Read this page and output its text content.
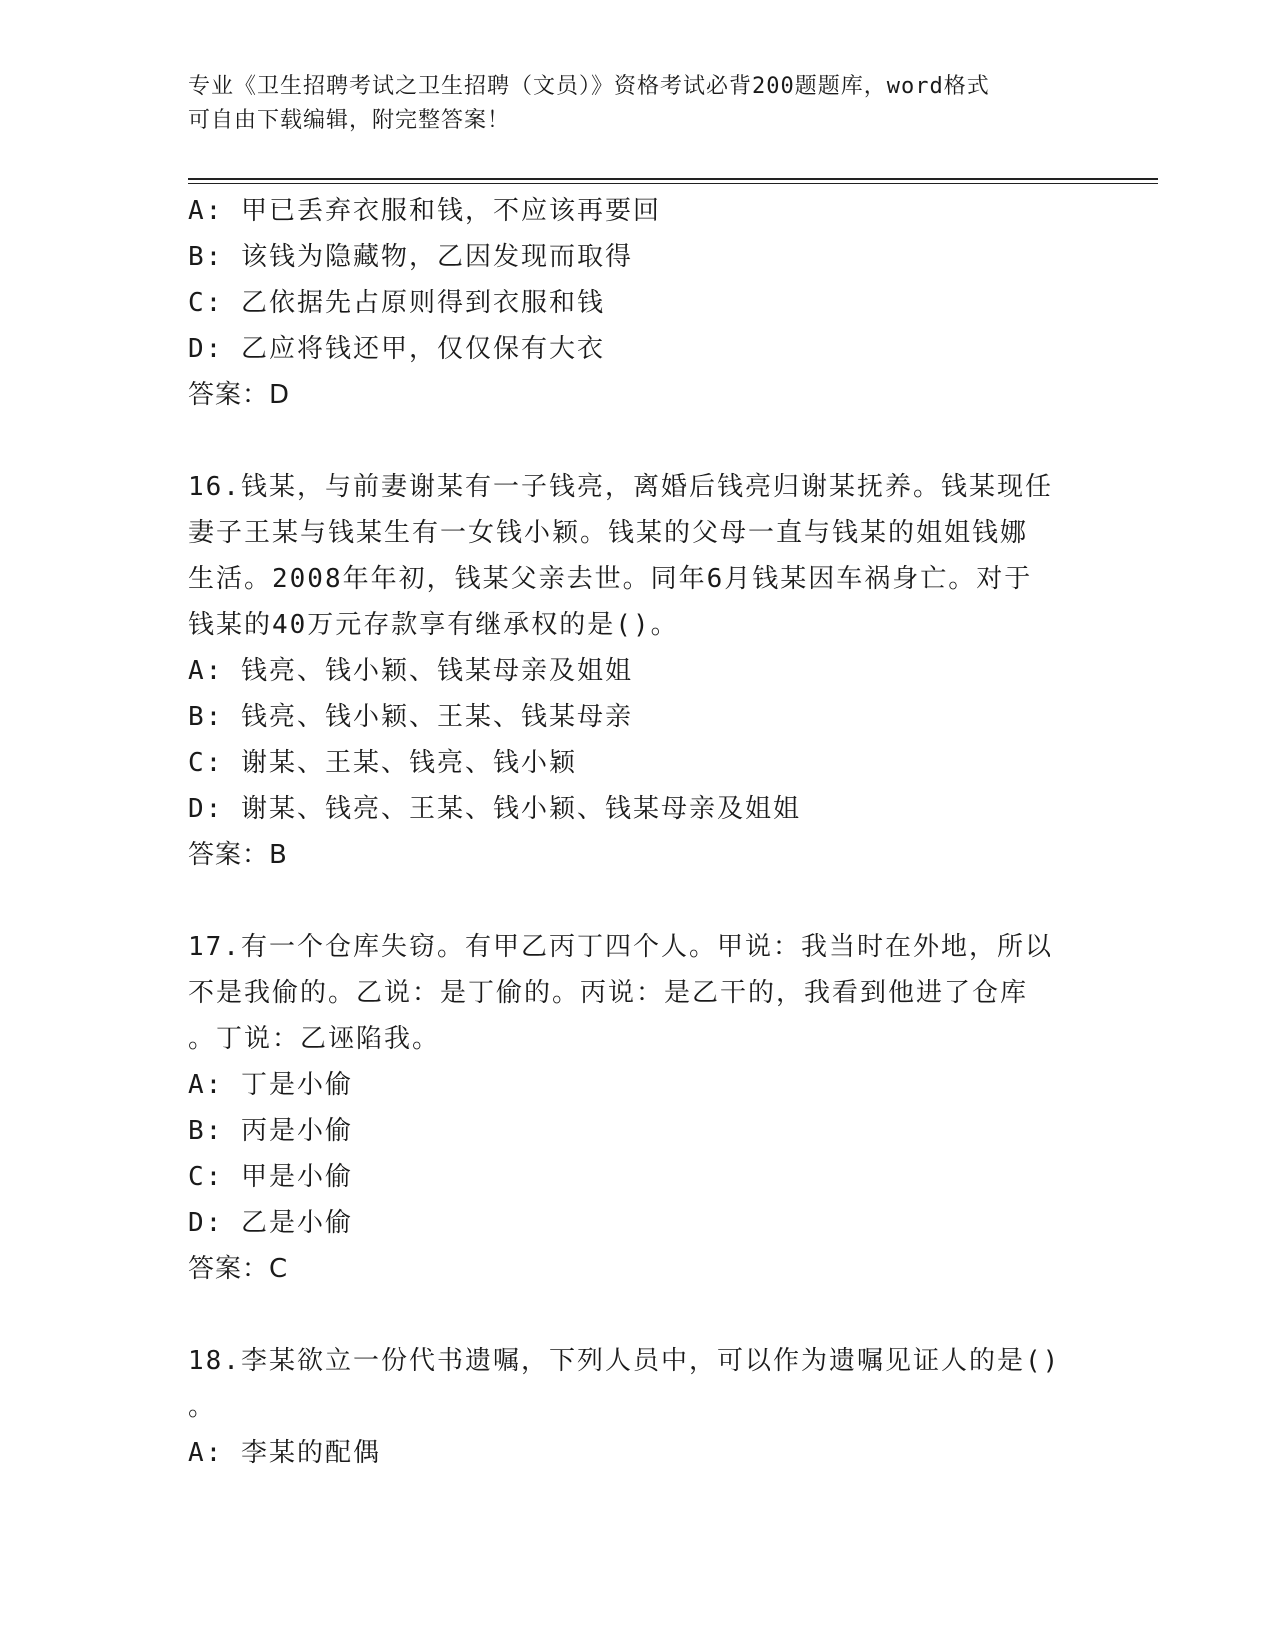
专业《卫生招聘考试之卫生招聘（文员）》资格考试必背200题题库，word格式
可自由下载编辑，附完整答案！
A: 甲已丢弃衣服和钱，不应该再要回
B: 该钱为隐藏物，乙因发现而取得
C: 乙依据先占原则得到衣服和钱
D: 乙应将钱还甲，仅仅保有大衣
答案：D
16.钱某，与前妻谢某有一子钱亮，离婚后钱亮归谢某抚养。钱某现任
妻子王某与钱某生有一女钱小颖。钱某的父母一直与钱某的姐姐钱娜
生活。2008年年初，钱某父亲去世。同年6月钱某因车祸身亡。对于
钱某的40万元存款享有继承权的是()。
A: 钱亮、钱小颖、钱某母亲及姐姐
B: 钱亮、钱小颖、王某、钱某母亲
C: 谢某、王某、钱亮、钱小颖
D: 谢某、钱亮、王某、钱小颖、钱某母亲及姐姐
答案：B
17.有一个仓库失窃。有甲乙丙丁四个人。甲说：我当时在外地，所以
不是我偷的。乙说：是丁偷的。丙说：是乙干的，我看到他进了仓库
。丁说：乙诬陷我。
A: 丁是小偷
B: 丙是小偷
C: 甲是小偷
D: 乙是小偷
答案：C
18.李某欲立一份代书遗嘱，下列人员中，可以作为遗嘱见证人的是()
。
A: 李某的配偶
